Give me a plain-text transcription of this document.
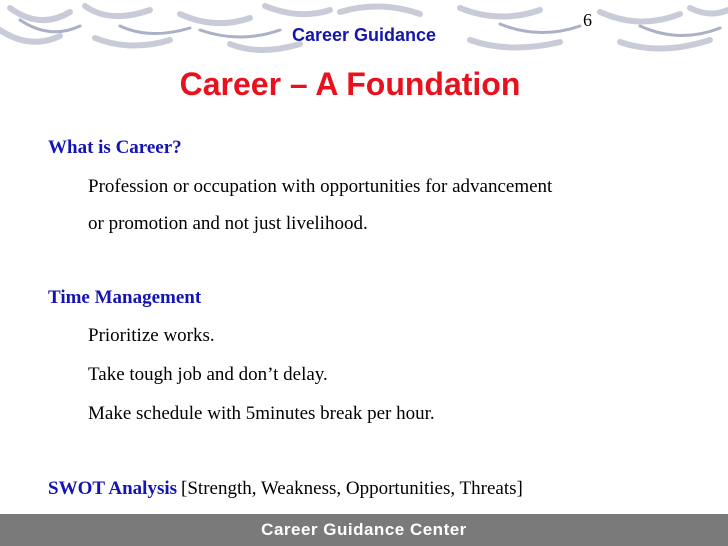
Career Guidance
6
Career – A Foundation
What is Career?
Profession or occupation with opportunities for advancement
or promotion and not just livelihood.
Time Management
Prioritize works.
Take tough job and don’t delay.
Make schedule with 5minutes break per hour.
SWOT Analysis [Strength, Weakness, Opportunities, Threats]
Career Guidance Center
